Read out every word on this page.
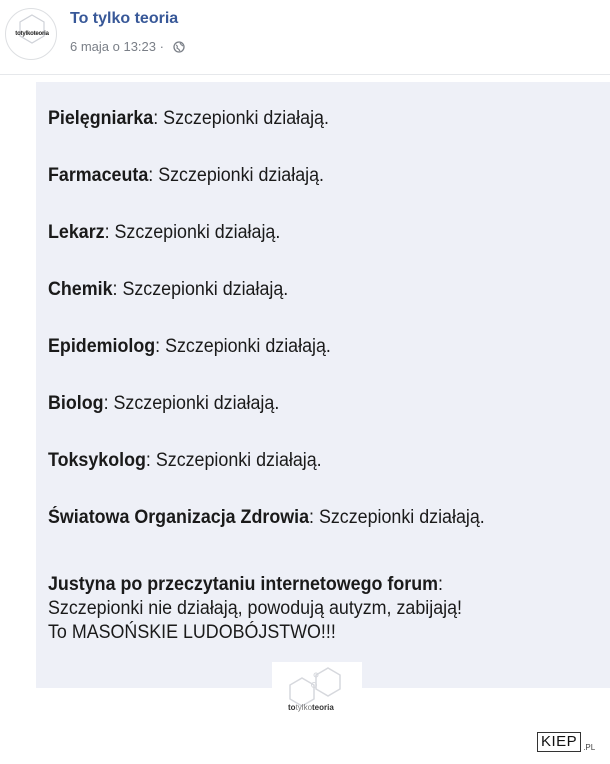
totylkoteoria
To tylko teoria
6 maja o 13:23 ·
Pielęgniarka: Szczepionki działają.
Farmaceuta: Szczepionki działają.
Lekarz: Szczepionki działają.
Chemik: Szczepionki działają.
Epidemiolog: Szczepionki działają.
Biolog: Szczepionki działają.
Toksykolog: Szczepionki działają.
Światowa Organizacja Zdrowia: Szczepionki działają.
Justyna po przeczytaniu internetowego forum:
Szczepionki nie działają, powodują autyzm, zabijają!
To MASOŃSKIE LUDOBÓJSTWO!!!
totylkoteoria
KIEP .PL
